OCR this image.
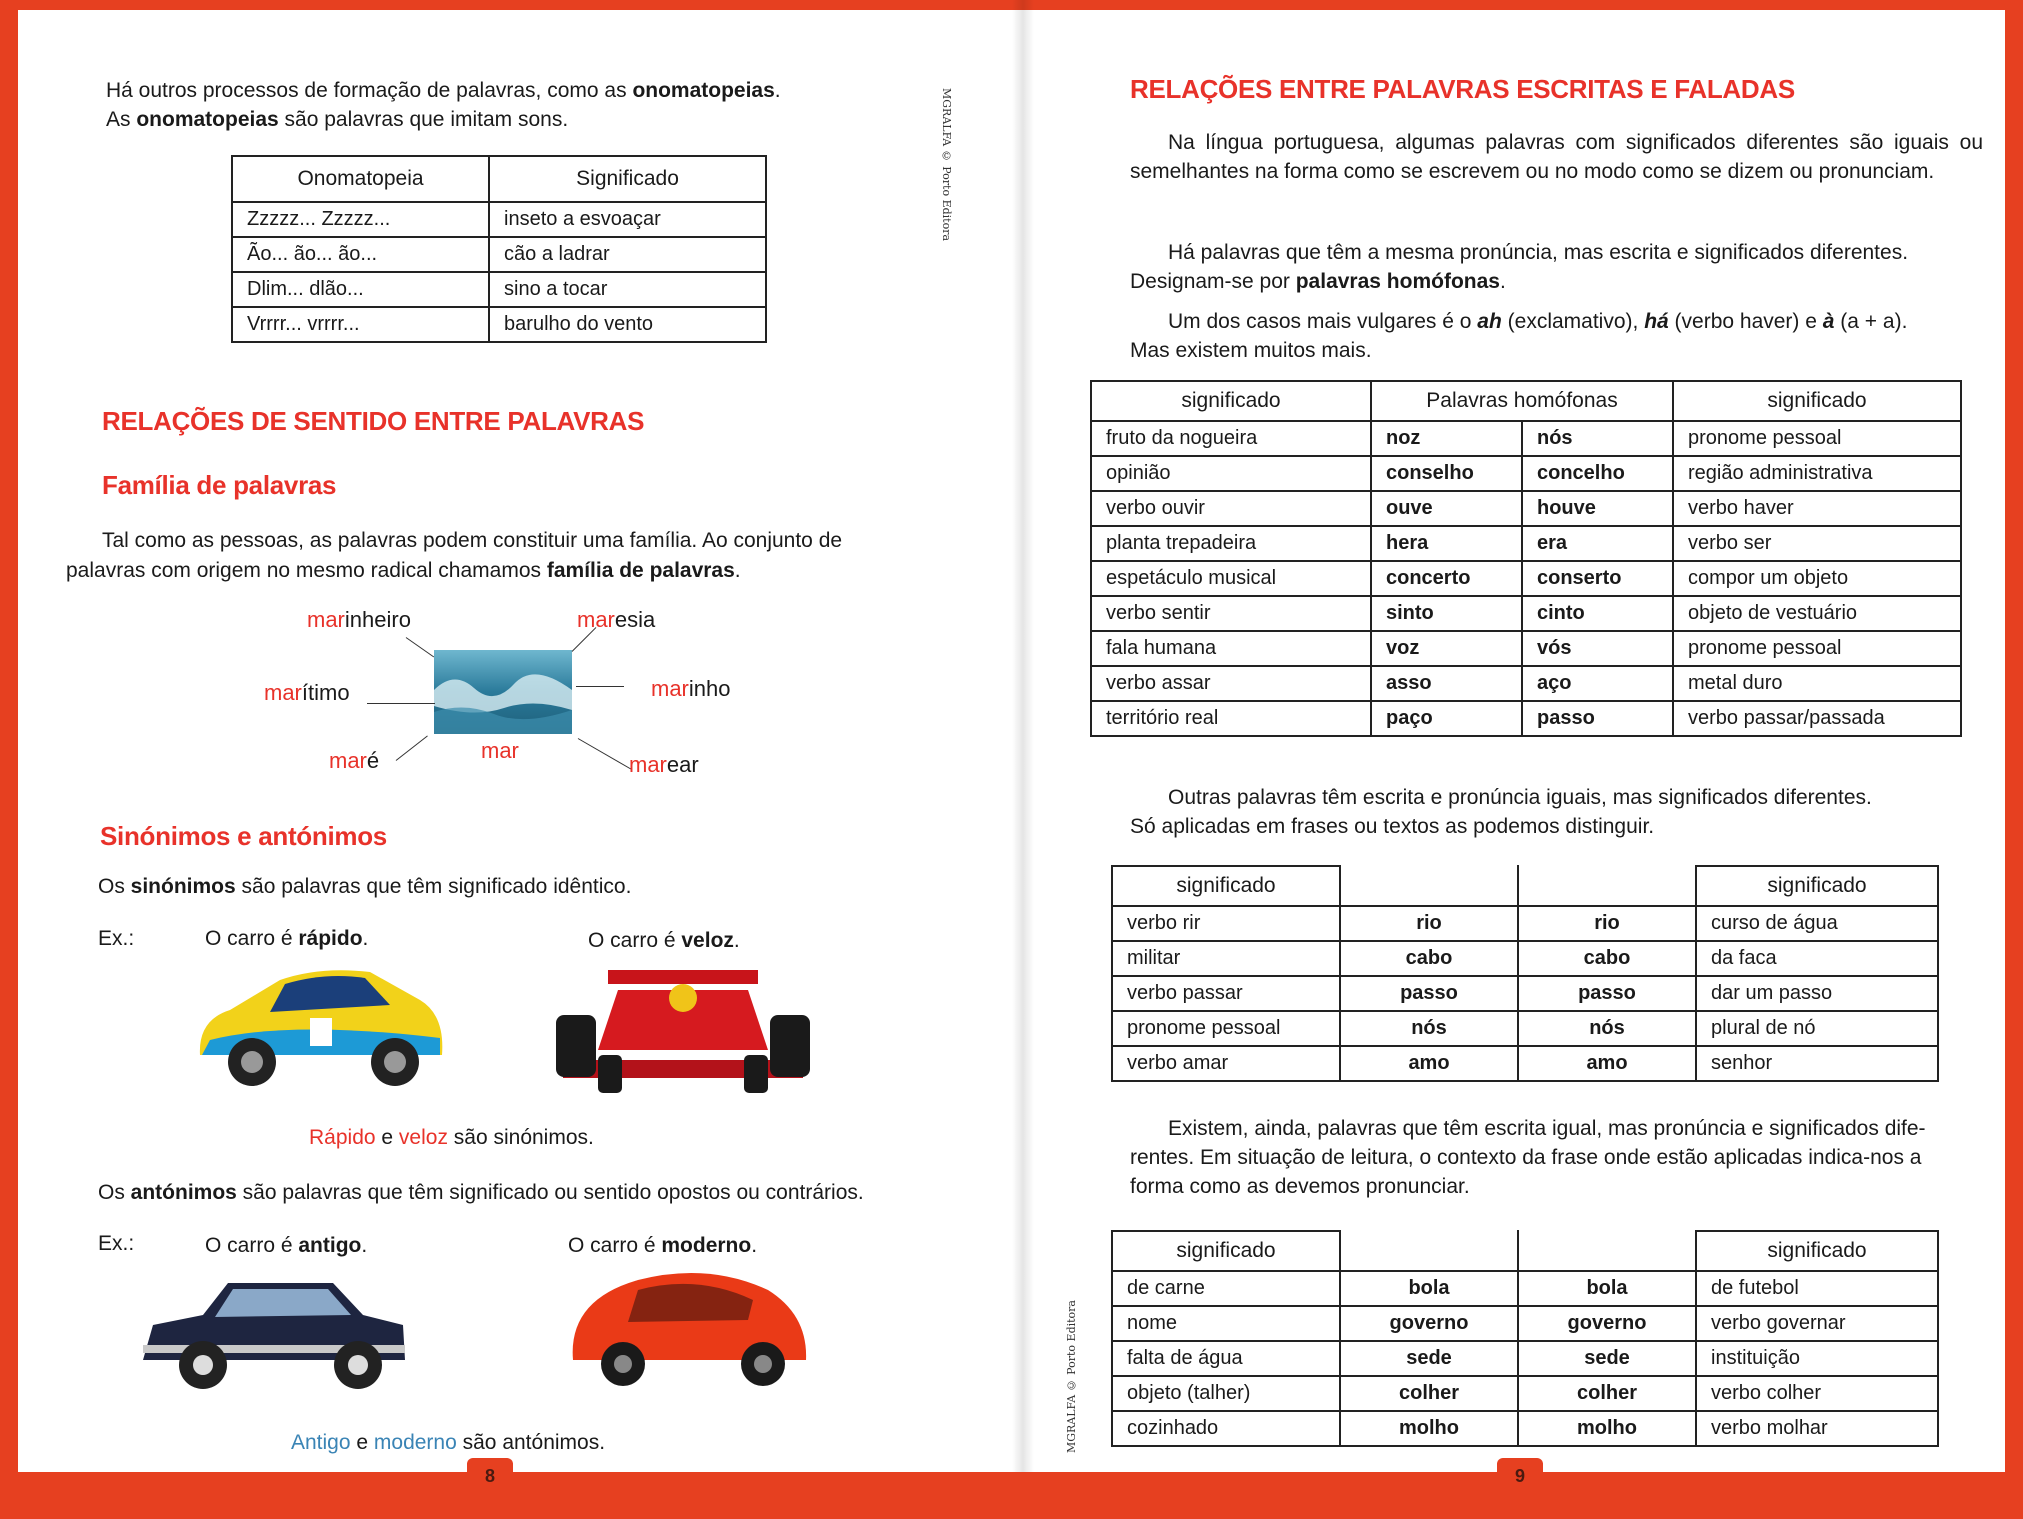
Há outros processos de formação de palavras, como as onomatopeias.
As onomatopeias são palavras que imitam sons.
Onomatopeia	Significado
Zzzzz... Zzzzz...	inseto a esvoaçar
Ão... ão... ão...	cão a ladrar
Dlim... dlão...	sino a tocar
Vrrrr... vrrrr...	barulho do vento
RELAÇÕES DE SENTIDO ENTRE PALAVRAS
Família de palavras
Tal como as pessoas, as palavras podem constituir uma família. Ao conjunto de
palavras com origem no mesmo radical chamamos família de palavras.
marinheiro	maresia
marítimo	marinho
maré	mar
marear
Sinónimos e antónimos
Os sinónimos são palavras que têm significado idêntico.
Ex.:	O carro é rápido.	O carro é veloz.
Rápido e veloz são sinónimos.
Os antónimos são palavras que têm significado ou sentido opostos ou contrários.
Ex.:	O carro é antigo.	O carro é moderno.
Antigo e moderno são antónimos.
MGRALFA © Porto Editora	RELAÇÕES ENTRE PALAVRAS ESCRITAS E FALADAS
Na língua portuguesa, algumas palavras com significados diferentes são iguais ou semelhantes na forma como se escrevem ou no modo como se dizem ou pronunciam.
Há palavras que têm a mesma pronúncia, mas escrita e significados diferentes.
Designam-se por palavras homófonas.
Um dos casos mais vulgares é o ah (exclamativo), há (verbo haver) e à (a + a).
Mas existem muitos mais.
significado	Palavras homófonas		significado
fruto da nogueira	noz	nós	pronome pessoal
opinião	conselho	concelho	região administrativa
verbo ouvir	ouve	houve	verbo haver
planta trepadeira	hera	era	verbo ser
espetáculo musical	concerto	conserto	compor um objeto
verbo sentir	sinto	cinto	objeto de vestuário
fala humana	voz	vós	pronome pessoal
verbo assar	asso	aço	metal duro
território real	paço	passo	verbo passar/passada
Outras palavras têm escrita e pronúncia iguais, mas significados diferentes.
Só aplicadas em frases ou textos as podemos distinguir.
significado			significado
verbo rir	rio	rio	curso de água
militar	cabo	cabo	da faca
verbo passar	passo	passo	dar um passo
pronome pessoal	nós	nós	plural de nó
verbo amar	amo	amo	senhor
Existem, ainda, palavras que têm escrita igual, mas pronúncia e significados dife-
rentes. Em situação de leitura, o contexto da frase onde estão aplicadas indica-nos a
forma como as devemos pronunciar.
significado			significado
de carne	bola	bola	de futebol
nome	governo	governo	verbo governar
falta de água	sede	sede	instituição
objeto (talher)	colher	colher	verbo colher
cozinhado	molho	molho	verbo molhar
MGRALFA © Porto Editora
8	9
